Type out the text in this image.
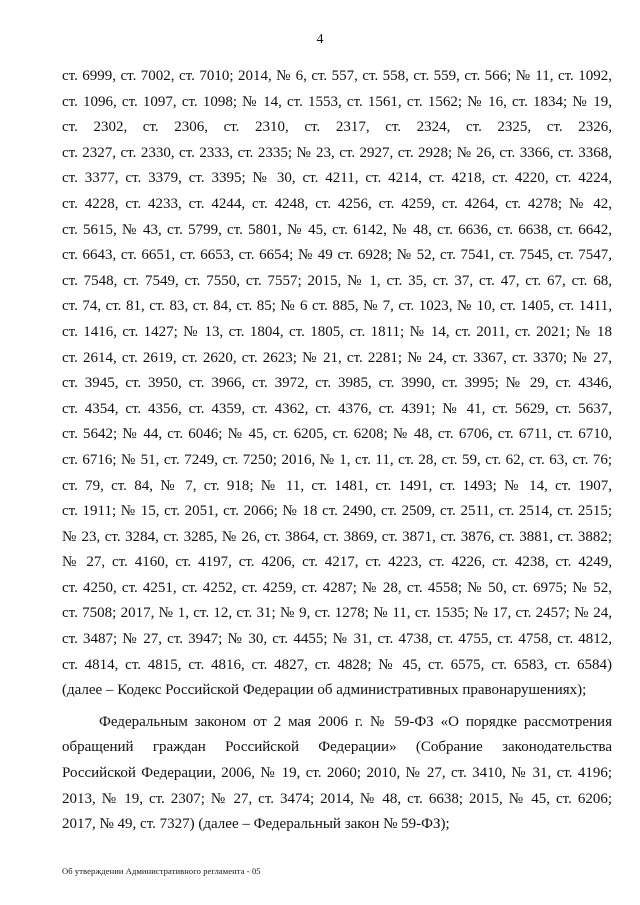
4
ст. 6999, ст. 7002, ст. 7010; 2014, № 6, ст. 557, ст. 558, ст. 559, ст. 566; № 11, ст. 1092,
ст. 1096, ст. 1097, ст. 1098; № 14, ст. 1553, ст. 1561, ст. 1562; № 16, ст. 1834; № 19,
ст. 2302, ст. 2306, ст. 2310, ст. 2317, ст. 2324, ст. 2325, ст. 2326,
ст. 2327, ст. 2330, ст. 2333, ст. 2335; № 23, ст. 2927, ст. 2928; № 26, ст. 3366, ст. 3368,
ст. 3377, ст. 3379, ст. 3395; № 30, ст. 4211, ст. 4214, ст. 4218, ст. 4220, ст. 4224,
ст. 4228, ст. 4233, ст. 4244, ст. 4248, ст. 4256, ст. 4259, ст. 4264, ст. 4278; № 42,
ст. 5615, № 43, ст. 5799, ст. 5801, № 45, ст. 6142, № 48, ст. 6636, ст. 6638, ст. 6642,
ст. 6643, ст. 6651, ст. 6653, ст. 6654; № 49 ст. 6928; № 52, ст. 7541, ст. 7545, ст. 7547,
ст. 7548, ст. 7549, ст. 7550, ст. 7557; 2015, № 1, ст. 35, ст. 37, ст. 47, ст. 67, ст. 68,
ст. 74, ст. 81, ст. 83, ст. 84, ст. 85; № 6 ст. 885, № 7, ст. 1023, № 10, ст. 1405, ст. 1411,
ст. 1416, ст. 1427; № 13, ст. 1804, ст. 1805, ст. 1811; № 14, ст. 2011, ст. 2021; № 18
ст. 2614, ст. 2619, ст. 2620, ст. 2623; № 21, ст. 2281; № 24, ст. 3367, ст. 3370; № 27,
ст. 3945, ст. 3950, ст. 3966, ст. 3972, ст. 3985, ст. 3990, ст. 3995; № 29, ст. 4346,
ст. 4354, ст. 4356, ст. 4359, ст. 4362, ст. 4376, ст. 4391; № 41, ст. 5629, ст. 5637,
ст. 5642; № 44, ст. 6046; № 45, ст. 6205, ст. 6208; № 48, ст. 6706, ст. 6711, ст. 6710,
ст. 6716; № 51, ст. 7249, ст. 7250; 2016, № 1, ст. 11, ст. 28, ст. 59, ст. 62, ст. 63, ст. 76;
ст. 79, ст. 84, № 7, ст. 918; № 11, ст. 1481, ст. 1491, ст. 1493; № 14, ст. 1907,
ст. 1911; № 15, ст. 2051, ст. 2066; № 18 ст. 2490, ст. 2509, ст. 2511, ст. 2514, ст. 2515;
№ 23, ст. 3284, ст. 3285, № 26, ст. 3864, ст. 3869, ст. 3871, ст. 3876, ст. 3881, ст. 3882;
№ 27, ст. 4160, ст. 4197, ст. 4206, ст. 4217, ст. 4223, ст. 4226, ст. 4238, ст. 4249,
ст. 4250, ст. 4251, ст. 4252, ст. 4259, ст. 4287; № 28, ст. 4558; № 50, ст. 6975; № 52,
ст. 7508; 2017, № 1, ст. 12, ст. 31; № 9, ст. 1278; № 11, ст. 1535; № 17, ст. 2457; № 24,
ст. 3487; № 27, ст. 3947; № 30, ст. 4455; № 31, ст. 4738, ст. 4755, ст. 4758, ст. 4812,
ст. 4814, ст. 4815, ст. 4816, ст. 4827, ст. 4828; № 45, ст. 6575, ст. 6583, ст. 6584)
(далее – Кодекс Российской Федерации об административных правонарушениях);
Федеральным законом от 2 мая 2006 г. № 59-ФЗ «О порядке рассмотрения
обращений граждан Российской Федерации» (Собрание законодательства
Российской Федерации, 2006, № 19, ст. 2060; 2010, № 27, ст. 3410, № 31, ст. 4196;
2013, № 19, ст. 2307; № 27, ст. 3474; 2014, № 48, ст. 6638; 2015, № 45, ст. 6206;
2017, № 49, ст. 7327) (далее – Федеральный закон № 59-ФЗ);
Об утверждении Административного регламента - 05
